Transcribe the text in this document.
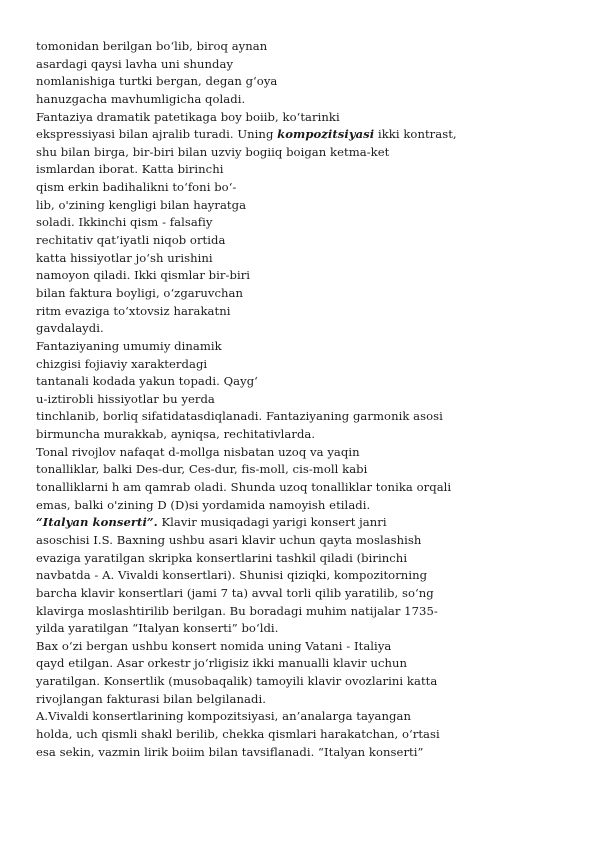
tomonidan berilgan bo‘lib, biroq aynan
asardagi qaysi lavha uni shunday
nomlanishiga turtki bergan, degan g‘oya
hanuzgacha mavhumligicha qoladi.
Fantaziya dramatik patetikaga boy boiib, ko‘tarinki
ekspressiyasi bilan ajralib turadi. Uning kompozitsiyasi ikki kontrast,
shu bilan birga, bir-biri bilan uzviy bogiiq boigan ketma-ket
ismlardan iborat. Katta birinchi
qism erkin badihalikni to‘foni bo‘-
lib, o'zining kengligi bilan hayratga
soladi. Ikkinchi qism - falsafiy
rechitativ qat’iyatli niqob ortida
katta hissiyotlar jo‘sh urishini
namoyon qiladi. Ikki qismlar bir-biri
bilan faktura boyligi, o‘zgaruvchan
ritm evaziga to‘xtovsiz harakatni
gavdalaydi.
Fantaziyaning umumiy dinamik
chizgisi fojiaviy xarakterdagi
tantanali kodada yakun topadi. Qayg‘
u-iztirobli hissiyotlar bu yerda
tinchlanib, borliq sifatidatasdiqlanadi. Fantaziyaning garmonik asosi
birmuncha murakkab, ayniqsa, rechitativlarda.
Tonal rivojlov nafaqat d-mollga nisbatan uzoq va yaqin
tonalliklar, balki Des-dur, Ces-dur, fis-moll, cis-moll kabi
tonalliklarni h am qamrab oladi. Shunda uzoq tonalliklar tonika orqali
emas, balki o'zining D (D)si yordamida namoyish etiladi.
“Italyan konserti”. Klavir musiqadagi yarigi konsert janri
asoschisi I.S. Baxning ushbu asari klavir uchun qayta moslashish
evaziga yaratilgan skripka konsertlarini tashkil qiladi (birinchi
navbatda - A. Vivaldi konsertlari). Shunisi qiziqki, kompozitorning
barcha klavir konsertlari (jami 7 ta) avval torli qilib yaratilib, so‘ng
klavirga moslashtirilib berilgan. Bu boradagi muhim natijalar 1735-
yilda yaratilgan “Italyan konserti” bo‘ldi.
Bax o‘zi bergan ushbu konsert nomida uning Vatani - Italiya
qayd etilgan. Asar orkestr jo‘rligisiz ikki manualli klavir uchun
yaratilgan. Konsertlik (musobaqalik) tamoyili klavir ovozlarini katta
rivojlangan fakturasi bilan belgilanadi.
A.Vivaldi konsertlarining kompozitsiyasi, an’analarga tayangan
holda, uch qismli shakl berilib, chekka qismlari harakatchan, o‘rtasi
esa sekin, vazmin lirik boiim bilan tavsiflanadi. “Italyan konserti”
